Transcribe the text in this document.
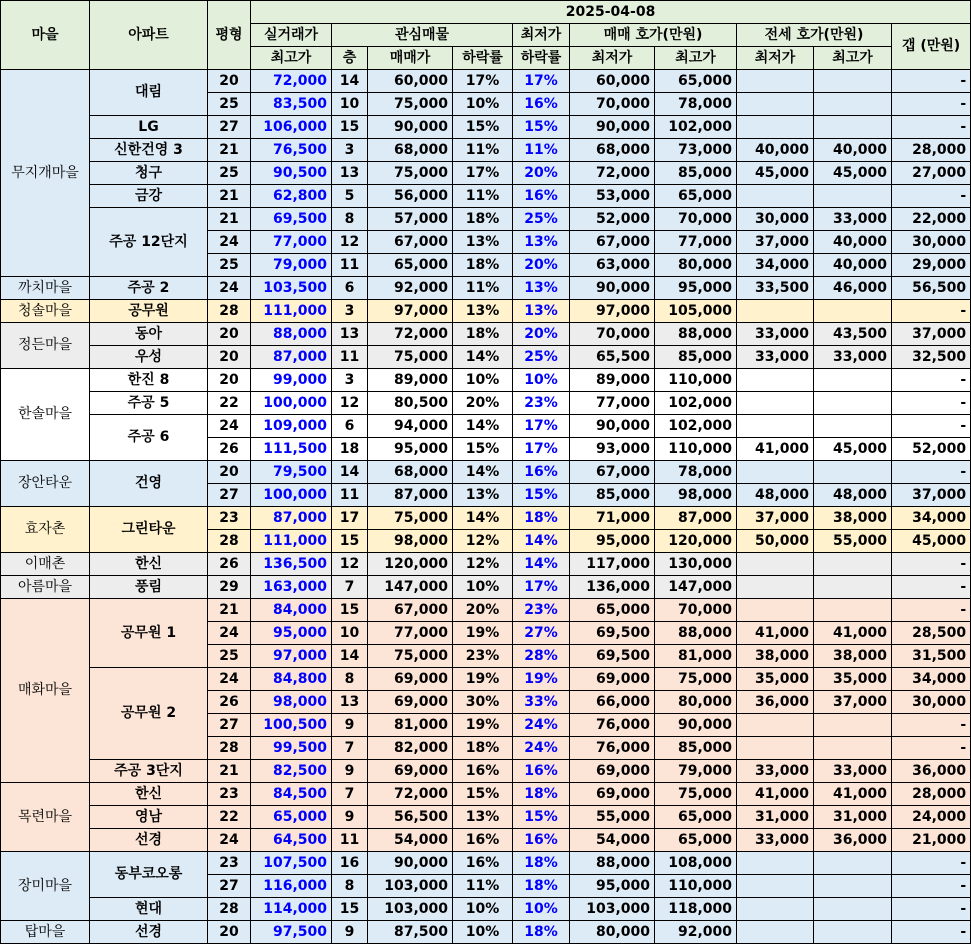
마을	아파트	평형	2025-04-08									
			실거래가	관심매물			최저가	매매 호가(만원)		전세 호가(만원)		갭 (만원)
			최고가	층	매매가	하락률	하락률	최저가	최고가	최저가	최고가	
무지개마을	대림	20	72,000	14	60,000	17%	17%	60,000	65,000			-
		25	83,500	10	75,000	10%	16%	70,000	78,000			-
	LG	27	106,000	15	90,000	15%	15%	90,000	102,000			-
	신한건영 3	21	76,500	3	68,000	11%	11%	68,000	73,000	40,000	40,000	28,000
	청구	25	90,500	13	75,000	17%	20%	72,000	85,000	45,000	45,000	27,000
	금강	21	62,800	5	56,000	11%	16%	53,000	65,000			-
	주공 12단지	21	69,500	8	57,000	18%	25%	52,000	70,000	30,000	33,000	22,000
		24	77,000	12	67,000	13%	13%	67,000	77,000	37,000	40,000	30,000
		25	79,000	11	65,000	18%	20%	63,000	80,000	34,000	40,000	29,000
까치마을	주공 2	24	103,500	6	92,000	11%	13%	90,000	95,000	33,500	46,000	56,500
청솔마을	공무원	28	111,000	3	97,000	13%	13%	97,000	105,000			-
정든마을	동아	20	88,000	13	72,000	18%	20%	70,000	88,000	33,000	43,500	37,000
	우성	20	87,000	11	75,000	14%	25%	65,500	85,000	33,000	33,000	32,500
한솔마을	한진 8	20	99,000	3	89,000	10%	10%	89,000	110,000			-
	주공 5	22	100,000	12	80,500	20%	23%	77,000	102,000			-
	주공 6	24	109,000	6	94,000	14%	17%	90,000	102,000			-
		26	111,500	18	95,000	15%	17%	93,000	110,000	41,000	45,000	52,000
장안타운	건영	20	79,500	14	68,000	14%	16%	67,000	78,000			-
		27	100,000	11	87,000	13%	15%	85,000	98,000	48,000	48,000	37,000
효자촌	그린타운	23	87,000	17	75,000	14%	18%	71,000	87,000	37,000	38,000	34,000
		28	111,000	15	98,000	12%	14%	95,000	120,000	50,000	55,000	45,000
이매촌	한신	26	136,500	12	120,000	12%	14%	117,000	130,000			-
아름마을	풍림	29	163,000	7	147,000	10%	17%	136,000	147,000			-
매화마을	공무원 1	21	84,000	15	67,000	20%	23%	65,000	70,000			-
		24	95,000	10	77,000	19%	27%	69,500	88,000	41,000	41,000	28,500
		25	97,000	14	75,000	23%	28%	69,500	81,000	38,000	38,000	31,500
	공무원 2	24	84,800	8	69,000	19%	19%	69,000	75,000	35,000	35,000	34,000
		26	98,000	13	69,000	30%	33%	66,000	80,000	36,000	37,000	30,000
		27	100,500	9	81,000	19%	24%	76,000	90,000			-
		28	99,500	7	82,000	18%	24%	76,000	85,000			-
	주공 3단지	21	82,500	9	69,000	16%	16%	69,000	79,000	33,000	33,000	36,000
목련마을	한신	23	84,500	7	72,000	15%	18%	69,000	75,000	41,000	41,000	28,000
	영남	22	65,000	9	56,500	13%	15%	55,000	65,000	31,000	31,000	24,000
	선경	24	64,500	11	54,000	16%	16%	54,000	65,000	33,000	36,000	21,000
장미마을	동부코오롱	23	107,500	16	90,000	16%	18%	88,000	108,000			-
		27	116,000	8	103,000	11%	18%	95,000	110,000			-
	현대	28	114,000	15	103,000	10%	10%	103,000	118,000			-
탑마을	선경	20	97,500	9	87,500	10%	18%	80,000	92,000			-
